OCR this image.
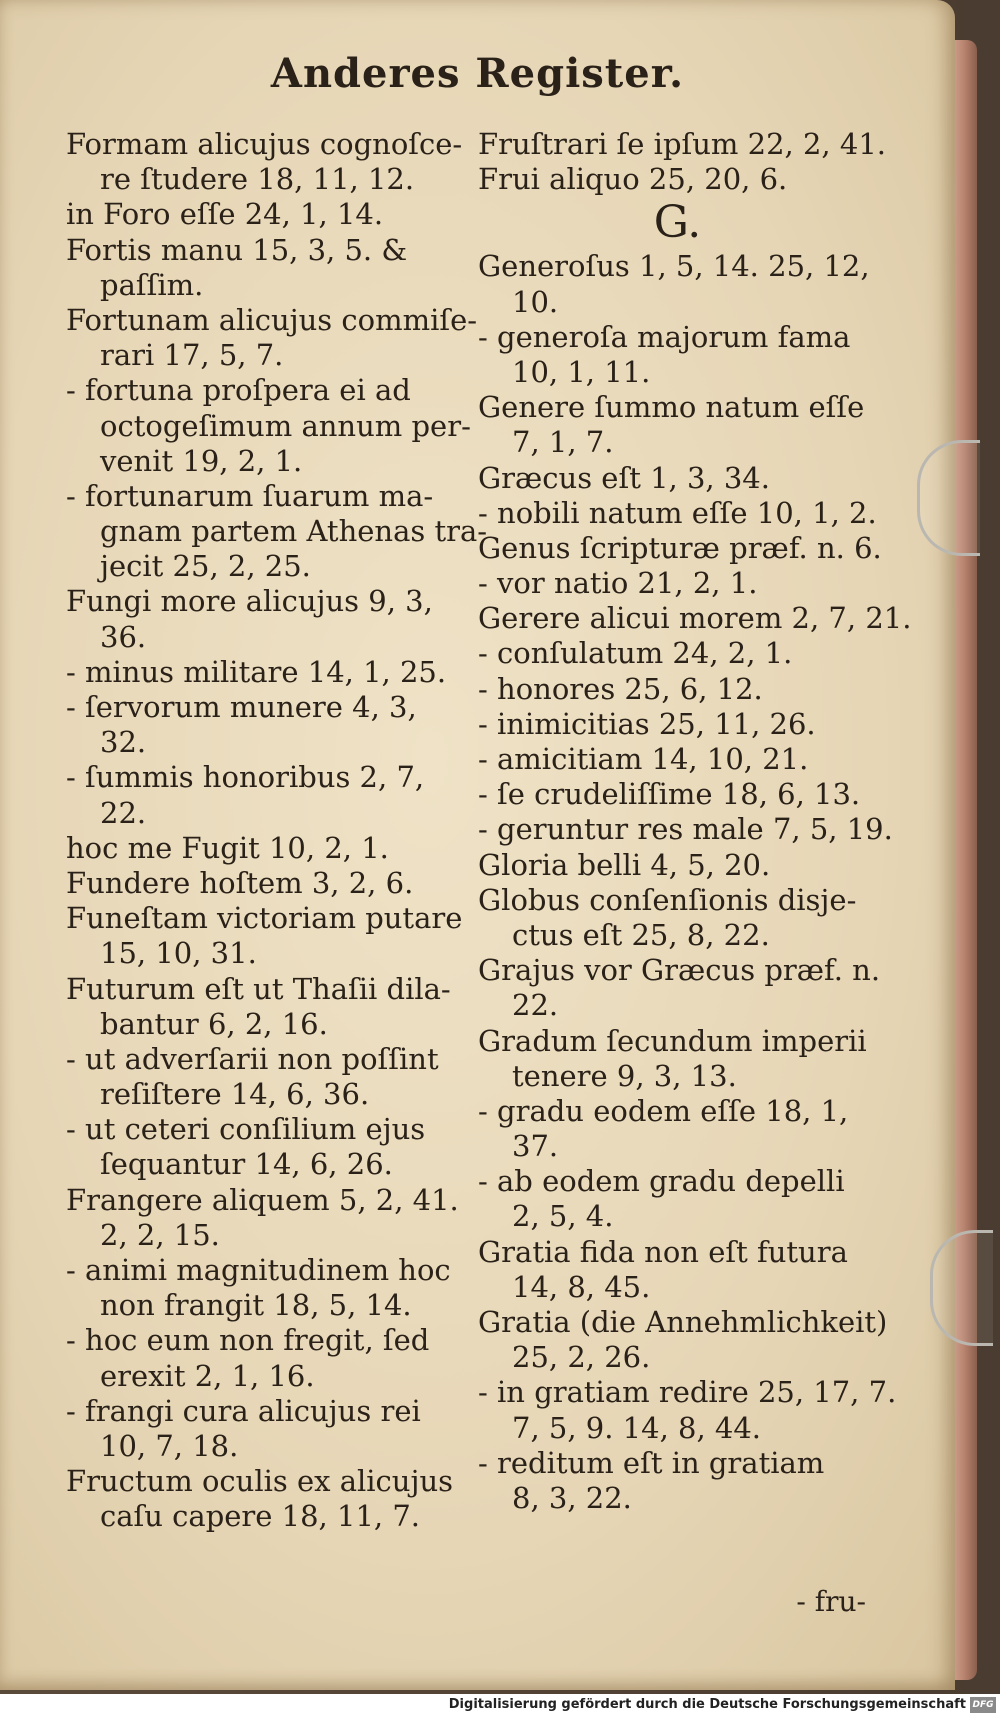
Anderes Register.
Formam alicujus cognoſce-
re ſtudere 18, 11, 12.
in Foro eſſe 24, 1, 14.
Fortis manu 15, 3, 5. &
paſſim.
Fortunam alicujus commiſe-
rari 17, 5, 7.
- fortuna proſpera ei ad
octogeſimum annum per-
venit 19, 2, 1.
- fortunarum ſuarum ma-
gnam partem Athenas tra-
jecit 25, 2, 25.
Fungi more alicujus 9, 3,
36.
- minus militare 14, 1, 25.
- ſervorum munere 4, 3,
32.
- ſummis honoribus 2, 7,
22.
hoc me Fugit 10, 2, 1.
Fundere hoſtem 3, 2, 6.
Funeſtam victoriam putare
15, 10, 31.
Futurum eſt ut Thaſii dila-
bantur 6, 2, 16.
- ut adverſarii non poſſint
reſiſtere 14, 6, 36.
- ut ceteri conſilium ejus
ſequantur 14, 6, 26.
Frangere aliquem 5, 2, 41.
2, 2, 15.
- animi magnitudinem hoc
non frangit 18, 5, 14.
- hoc eum non fregit, ſed
erexit 2, 1, 16.
- frangi cura alicujus rei
10, 7, 18.
Fructum oculis ex alicujus
caſu capere 18, 11, 7.
Fruſtrari ſe ipſum 22, 2, 41.
Frui aliquo 25, 20, 6.
G.
Generoſus 1, 5, 14. 25, 12,
10.
- generoſa majorum fama
10, 1, 11.
Genere ſummo natum eſſe
7, 1, 7.
Græcus eſt 1, 3, 34.
- nobili natum eſſe 10, 1, 2.
Genus ſcripturæ præf. n. 6.
- vor natio 21, 2, 1.
Gerere alicui morem 2, 7, 21.
- conſulatum 24, 2, 1.
- honores 25, 6, 12.
- inimicitias 25, 11, 26.
- amicitiam 14, 10, 21.
- ſe crudeliſſime 18, 6, 13.
- geruntur res male 7, 5, 19.
Gloria belli 4, 5, 20.
Globus conſenſionis disje-
ctus eſt 25, 8, 22.
Grajus vor Græcus præf. n.
22.
Gradum ſecundum imperii
tenere 9, 3, 13.
- gradu eodem eſſe 18, 1,
37.
- ab eodem gradu depelli
2, 5, 4.
Gratia fida non eſt futura
14, 8, 45.
Gratia (die Annehmlichkeit)
25, 2, 26.
- in gratiam redire 25, 17, 7.
7, 5, 9. 14, 8, 44.
- reditum eſt in gratiam
8, 3, 22.
- fru-
Digitalisierung gefördert durch die Deutsche Forschungsgemeinschaft DFG
